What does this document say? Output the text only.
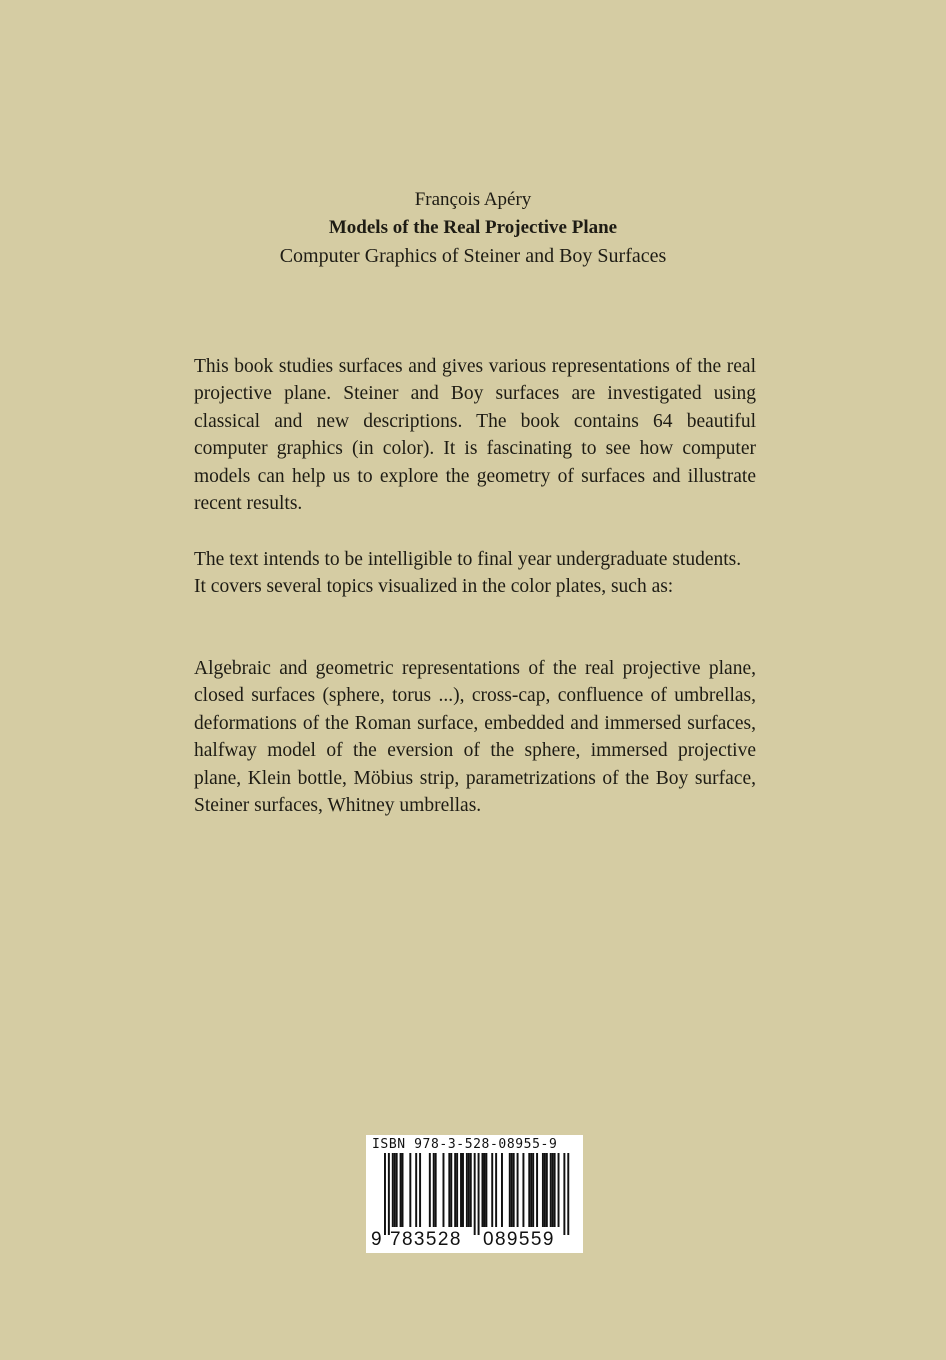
François Apéry
Models of the Real Projective Plane
Computer Graphics of Steiner and Boy Surfaces

This book studies surfaces and gives various representations of the real projective plane. Steiner and Boy surfaces are investigated using classical and new descriptions. The book contains 64 beautiful computer graphics (in color). It is fascinating to see how computer models can help us to explore the geometry of surfaces and illustrate recent results.

The text intends to be intelligible to final year undergraduate students. It covers several topics visualized in the color plates, such as:

Algebraic and geometric representations of the real projective plane, closed surfaces (sphere, torus ...), cross-cap, confluence of umbrellas, deformations of the Roman surface, embedded and immersed surfaces, halfway model of the eversion of the sphere, immersed projective plane, Klein bottle, Möbius strip, parametrizations of the Boy surface, Steiner surfaces, Whitney umbrellas.

ISBN 978-3-528-08955-9
9 783528 089559
